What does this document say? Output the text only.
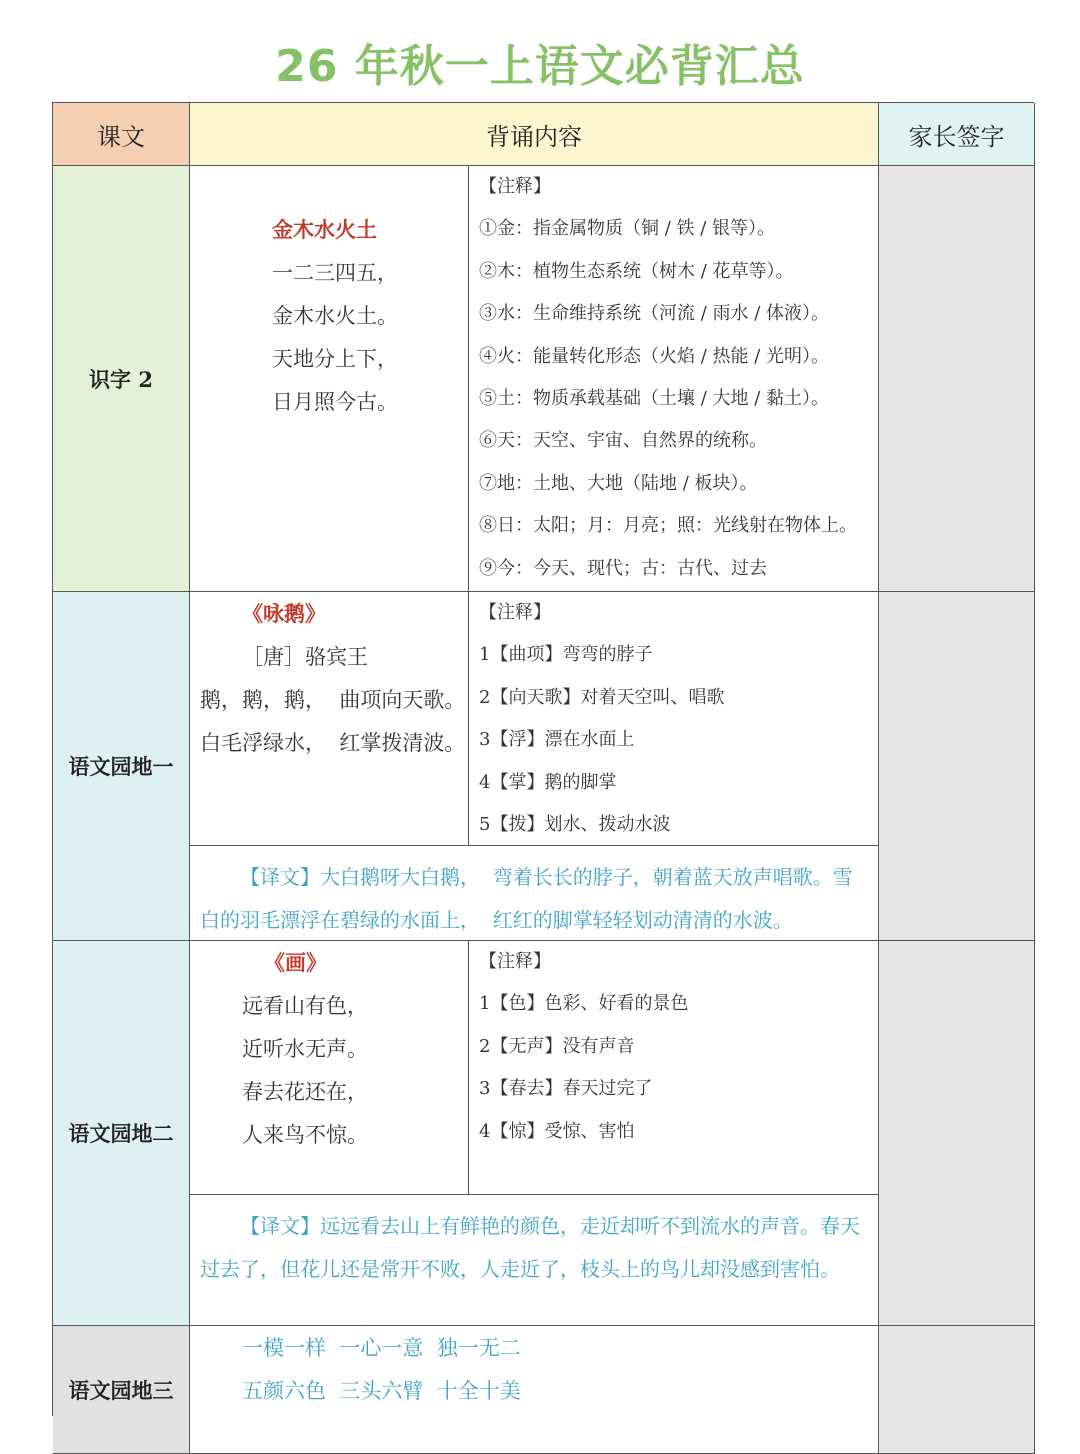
26 年秋一上语文必背汇总
课文	背诵内容	家长签字
识字 2
金木水火土
一二三四五，
金木水火土。
天地分上下，
日月照今古。
【注释】
①金：指金属物质（铜 / 铁 / 银等）。
②木：植物生态系统（树木 / 花草等）。
③水：生命维持系统（河流 / 雨水 / 体液）。
④火：能量转化形态（火焰 / 热能 / 光明）。
⑤土：物质承载基础（土壤 / 大地 / 黏土）。
⑥天：天空、宇宙、自然界的统称。
⑦地：土地、大地（陆地 / 板块）。
⑧日：太阳；月：月亮；照：光线射在物体上。
⑨今：今天、现代；古：古代、过去
语文园地一
《咏鹅》
［唐］骆宾王
鹅，鹅，鹅，  曲项向天歌。
白毛浮绿水，  红掌拨清波。
【注释】
1【曲项】弯弯的脖子
2【向天歌】对着天空叫、唱歌
3【浮】漂在水面上
4【掌】鹅的脚掌
5【拨】划水、拨动水波
【译文】大白鹅呀大白鹅，  弯着长长的脖子，朝着蓝天放声唱歌。雪白的羽毛漂浮在碧绿的水面上，  红红的脚掌轻轻划动清清的水波。
语文园地二
《画》
远看山有色，
近听水无声。
春去花还在，
人来鸟不惊。
【注释】
1【色】色彩、好看的景色
2【无声】没有声音
3【春去】春天过完了
4【惊】受惊、害怕
【译文】远远看去山上有鲜艳的颜色，走近却听不到流水的声音。春天过去了，但花儿还是常开不败，人走近了，枝头上的鸟儿却没感到害怕。
语文园地三
一模一样  一心一意  独一无二
五颜六色  三头六臂  十全十美
